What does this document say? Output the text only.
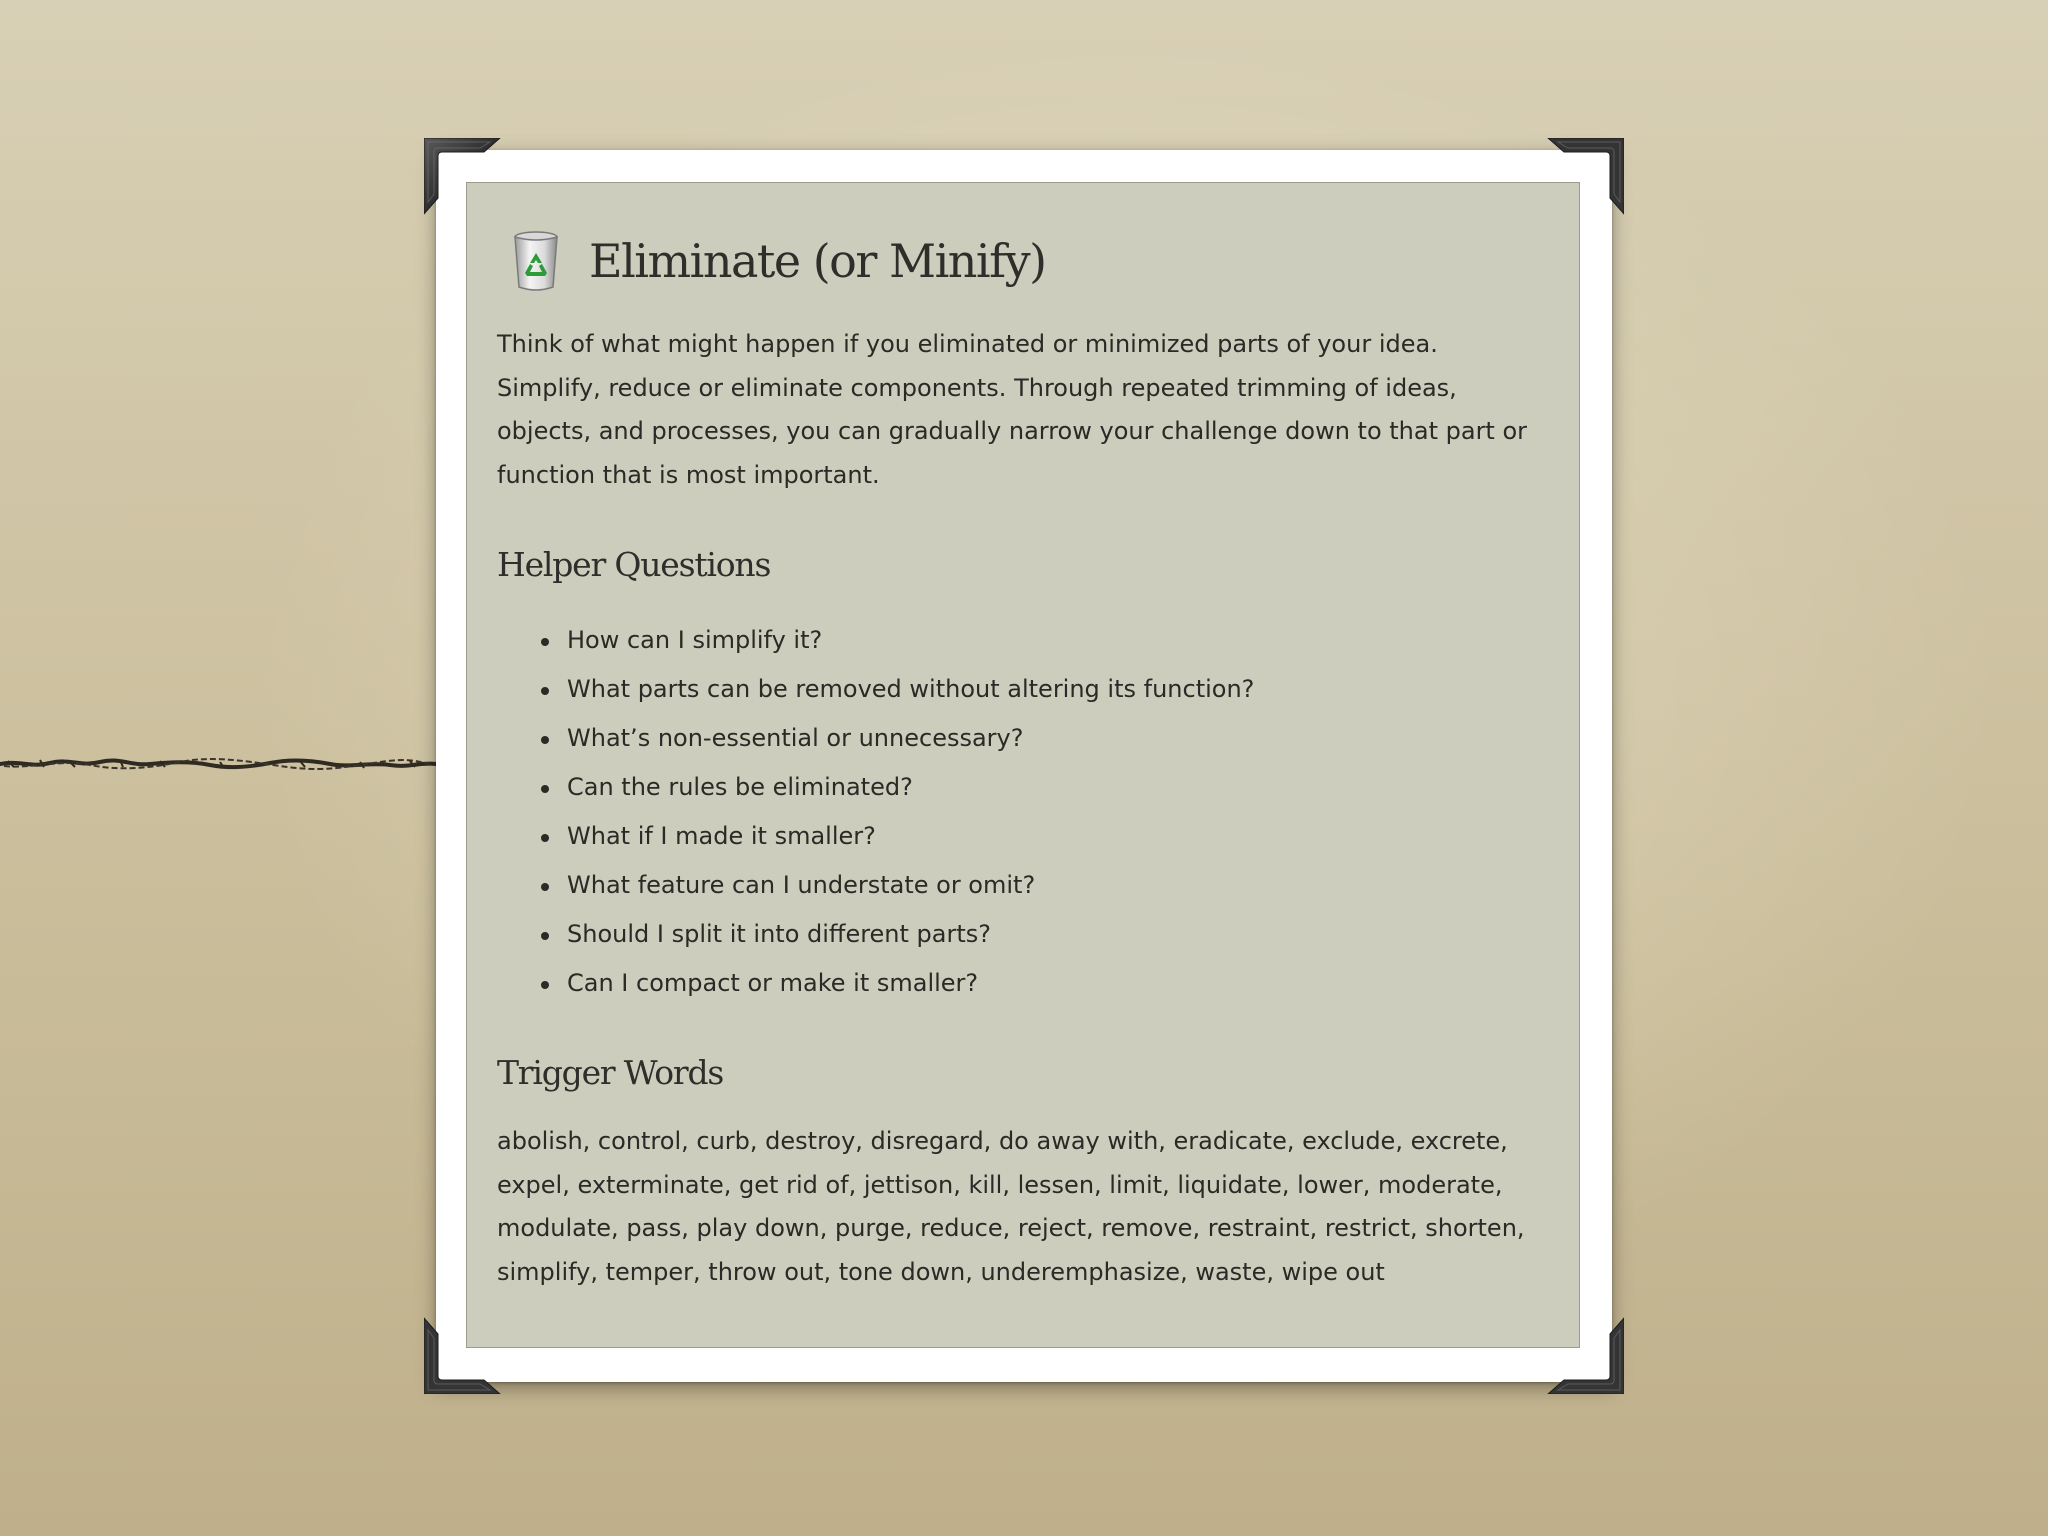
Eliminate (or Minify)

Think of what might happen if you eliminated or minimized parts of your idea. Simplify, reduce or eliminate components. Through repeated trimming of ideas, objects, and processes, you can gradually narrow your challenge down to that part or function that is most important.

Helper Questions
How can I simplify it?
What parts can be removed without altering its function?
What’s non-essential or unnecessary?
Can the rules be eliminated?
What if I made it smaller?
What feature can I understate or omit?
Should I split it into different parts?
Can I compact or make it smaller?
Trigger Words

abolish, control, curb, destroy, disregard, do away with, eradicate, exclude, excrete, expel, exterminate, get rid of, jettison, kill, lessen, limit, liquidate, lower, moderate, modulate, pass, play down, purge, reduce, reject, remove, restraint, restrict, shorten, simplify, temper, throw out, tone down, underemphasize, waste, wipe out
